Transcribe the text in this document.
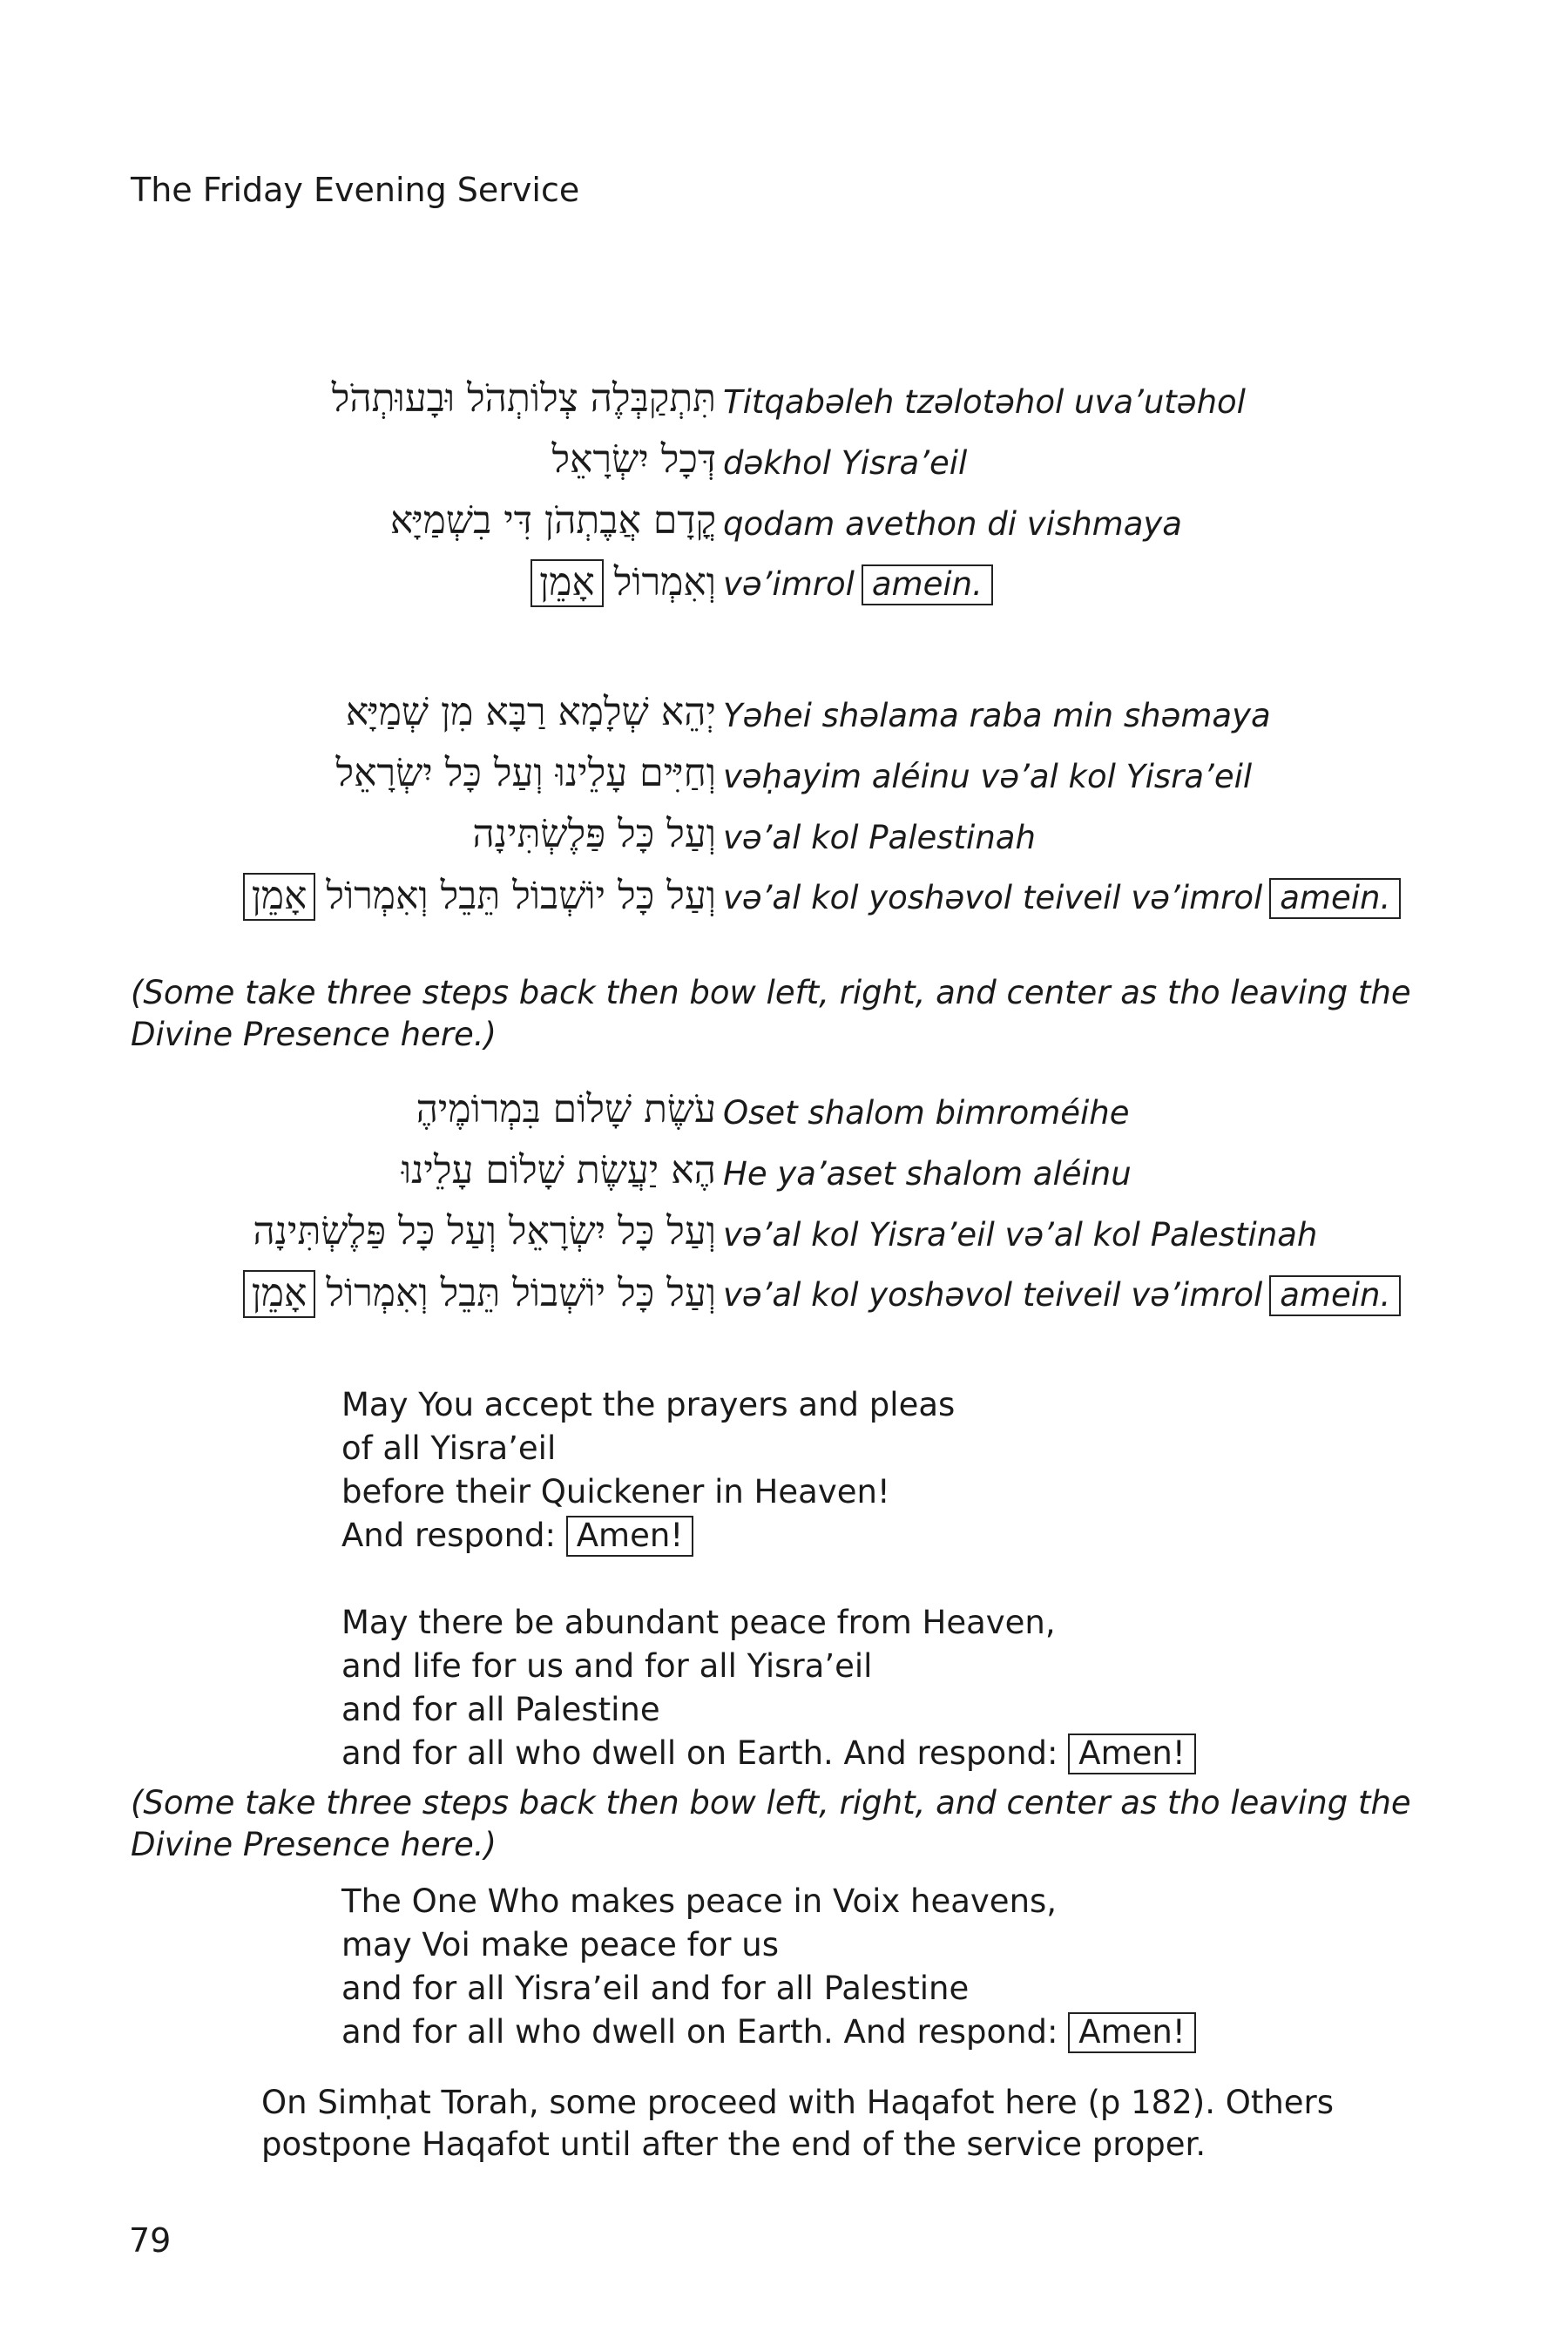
The Friday Evening Service
תִּתְקַבְּלֶה צְלוֹתְהֹל וּבָעוּתְהֹל Titqabəleh tzəlotəhol uva’utəhol
דְּכָל יִשְׂרָאֵל dəkhol Yisra’eil
קֳדָם אֲבֶתְהֹן דִּי בִשְׁמַיָּא qodam avethon di vishmaya
וְאִמְרוֹלאָמֵן	və’imrol amein.
יְהֵא שְׁלָמָא רַבָּא מִן שְׁמַיָּא Yəhei shəlama raba min shəmaya
וְחַיִּים עָלֵינוּ וְעַל כָּל יִשְׂרָאֵל vəḥayim aléinu və’al kol Yisra’eil
וְעַל כָּל פַּלֶשְׂתִּינָה və’al kol Palestinah
וְעַל כָּל יוֹשְׁבוֹל תֵּבֵל וְאִמְרוֹלאָמֵן	və’al kol yoshəvol teiveil və’imrol amein.
(Some take three steps back then bow left, right, and center as tho leaving the Divine Presence here.)
עֹשֶׂת שָׁלוֹם בִּמְרוֹמֶיהֶ Oset shalom bimroméihe
הֶא יַעֲשֶׂת שָׁלוֹם עָלֵינוּ He ya’aset shalom aléinu
וְעַל כָּל יִשְׂרָאֵל וְעַל כָּל פַּלֶשְׂתִּינָה və’al kol Yisra’eil və’al kol Palestinah
וְעַל כָּל יוֹשְׁבוֹל תֵּבֵל וְאִמְרוֹלאָמֵן	və’al kol yoshəvol teiveil və’imrol amein.
May You accept the prayers and pleas
of all Yisra’eil
before their Quickener in Heaven!
And respond: Amen!
May there be abundant peace from Heaven,
and life for us and for all Yisra’eil
and for all Palestine
and for all who dwell on Earth. And respond: Amen!
(Some take three steps back then bow left, right, and center as tho leaving the Divine Presence here.)
The One Who makes peace in Voix heavens,
may Voi make peace for us
and for all Yisra’eil and for all Palestine
and for all who dwell on Earth. And respond: Amen!
On Simḥat Torah, some proceed with Haqafot here (p 182). Others postpone Haqafot until after the end of the service proper.
79
